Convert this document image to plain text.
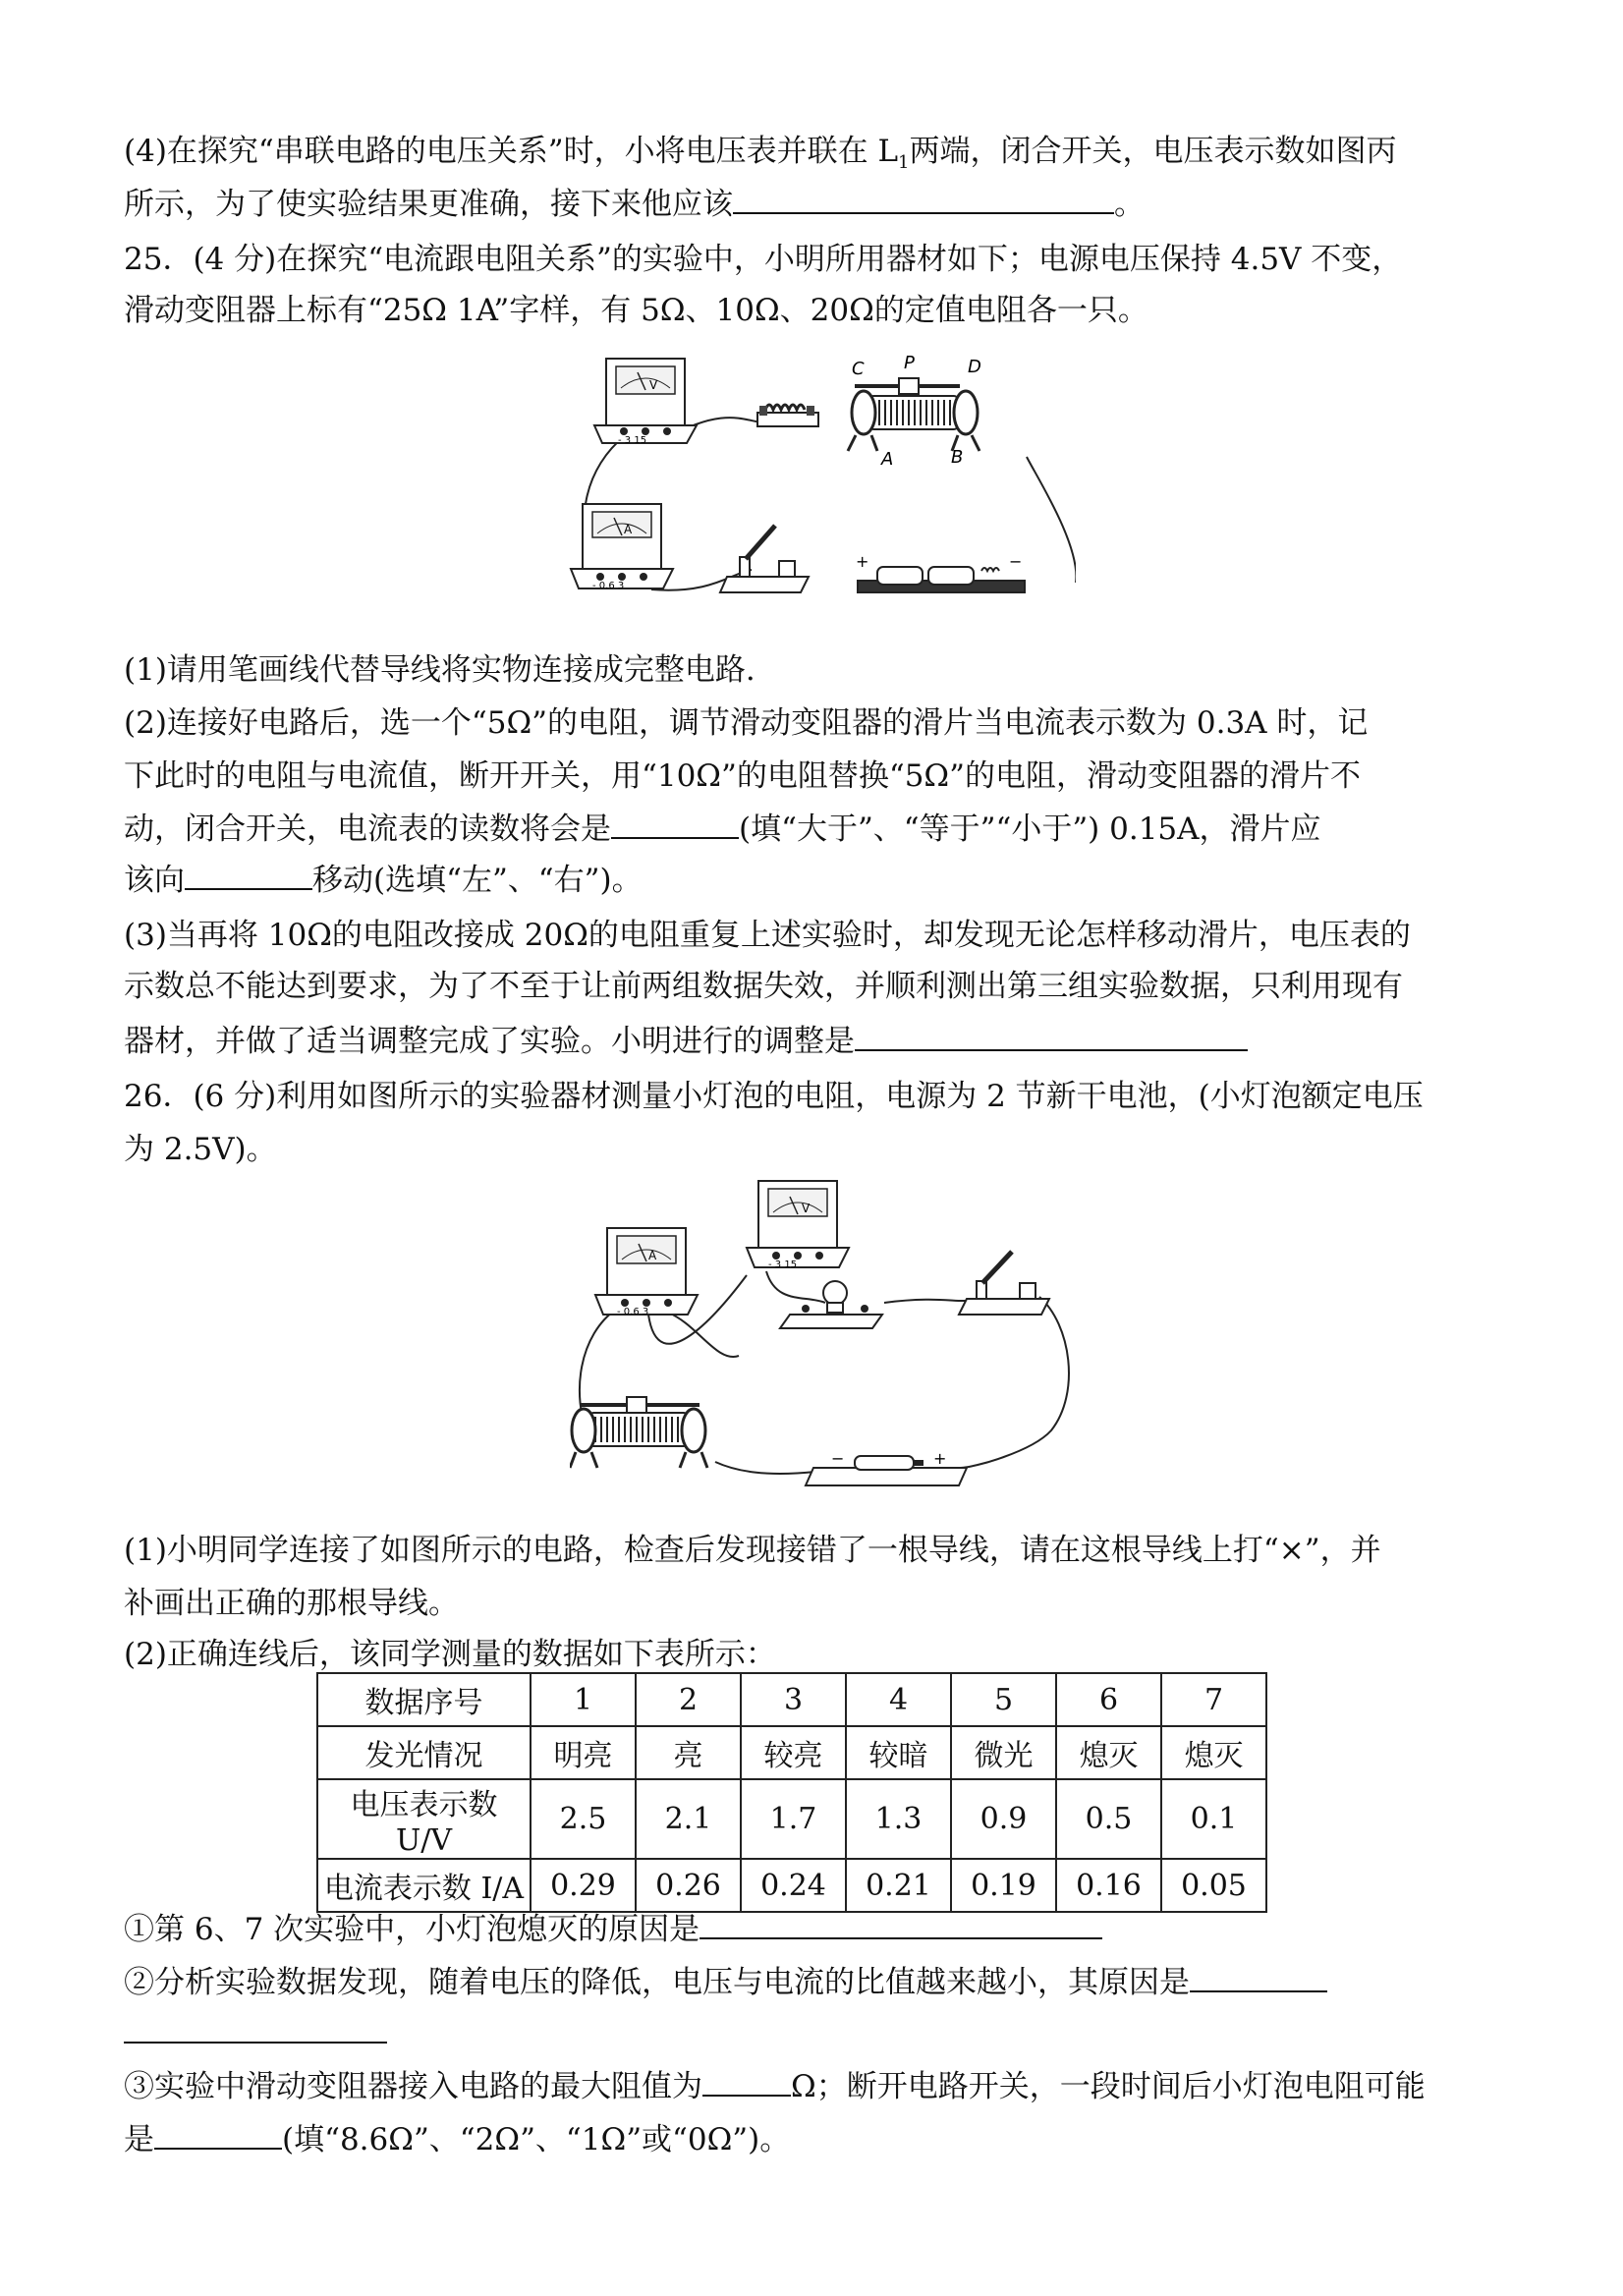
(4)在探究“串联电路的电压关系”时，小将电压表并联在 $L_1$两端，闭合开关，电压表示数如图丙
所示，为了使实验结果更准确，接下来他应该	。
25．(4 分)在探究“电流跟电阻关系”的实验中，小明所用器材如下；电源电压保持 4.5V 不变，
滑动变阻器上标有“25Ω 1A”字样，有 5Ω、10Ω、20Ω的定值电阻各一只。
V
- 3 15
C P	D
A	B
A
- 0.6 3
+	−
(1)请用笔画线代替导线将实物连接成完整电路.
(2)连接好电路后，选一个“5Ω”的电阻，调节滑动变阻器的滑片当电流表示数为 0.3A 时，记
下此时的电阻与电流值，断开开关，用“10Ω”的电阻替换“5Ω”的电阻，滑动变阻器的滑片不
动，闭合开关，电流表的读数将会是	(填“大于”、“等于”“小于”) 0.15A，滑片应
该向	移动(选填“左”、“右”)。
(3)当再将 10Ω的电阻改接成 20Ω的电阻重复上述实验时，却发现无论怎样移动滑片，电压表的
示数总不能达到要求，为了不至于让前两组数据失效，并顺利测出第三组实验数据，只利用现有
器材，并做了适当调整完成了实验。小明进行的调整是
26．(6 分)利用如图所示的实验器材测量小灯泡的电阻，电源为 2 节新干电池，(小灯泡额定电压
为 2.5V)。
A
- 0.6 3
V
- 3 15
−	+
(1)小明同学连接了如图所示的电路，检查后发现接错了一根导线，请在这根导线上打“×”，并
补画出正确的那根导线。
(2)正确连线后，该同学测量的数据如下表所示：
数据序号	1	2	3	4	5	6	7
发光情况	明亮	亮	较亮	较暗	微光	熄灭	熄灭
电压表示数 U/V	2.5	2.1	1.7	1.3	0.9	0.5	0.1
电流表示数 I/A	0.29	0.26	0.24	0.21	0.19	0.16	0.05
①第 6、7 次实验中，小灯泡熄灭的原因是
②分析实验数据发现，随着电压的降低，电压与电流的比值越来越小，其原因是
③实验中滑动变阻器接入电路的最大阻值为	Ω；断开电路开关，一段时间后小灯泡电阻可能
是	(填“8.6Ω”、“2Ω”、“1Ω”或“0Ω”)。
